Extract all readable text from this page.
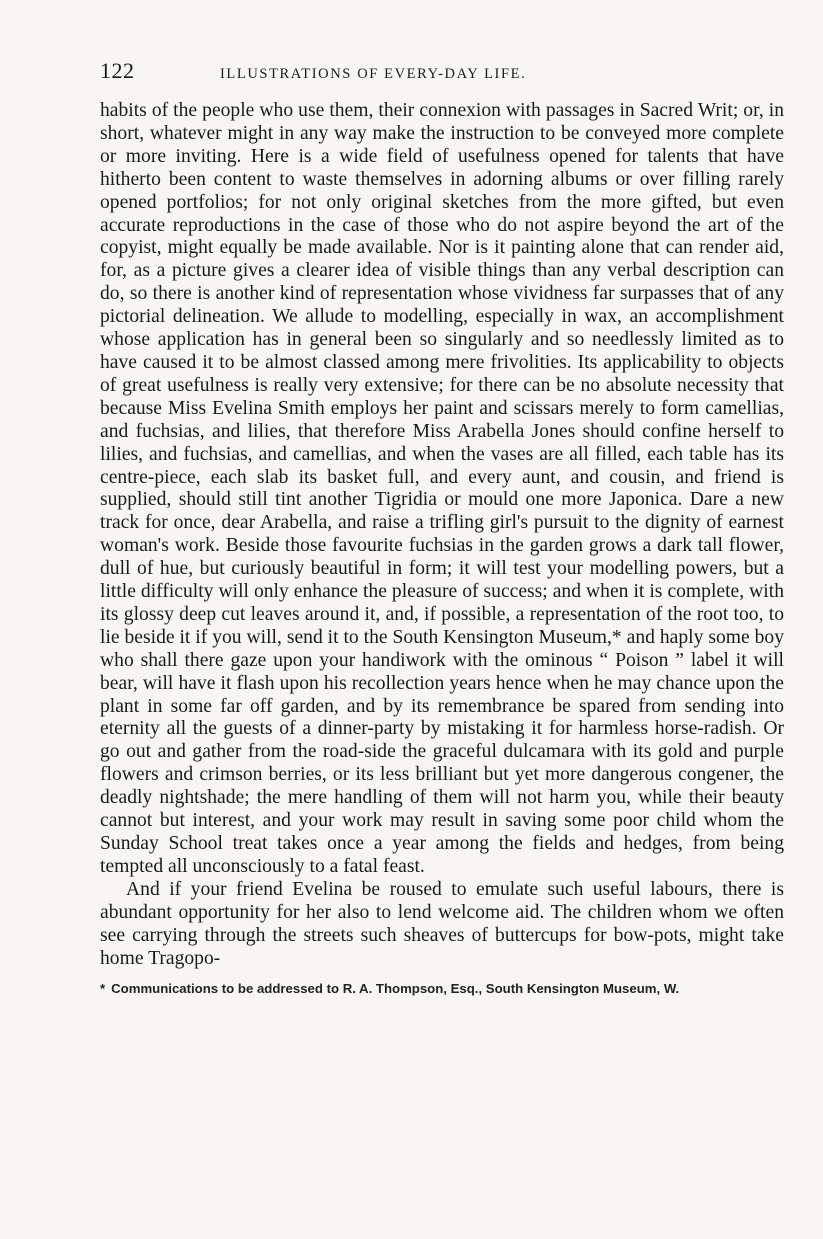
122	ILLUSTRATIONS OF EVERY-DAY LIFE.

habits of the people who use them, their connexion with passages in Sacred Writ; or, in short, whatever might in any way make the instruction to be conveyed more complete or more inviting. Here is a wide field of usefulness opened for talents that have hitherto been content to waste themselves in adorning albums or over filling rarely opened portfolios; for not only original sketches from the more gifted, but even accurate reproductions in the case of those who do not aspire beyond the art of the copyist, might equally be made available. Nor is it painting alone that can render aid, for, as a picture gives a clearer idea of visible things than any verbal description can do, so there is another kind of representation whose vividness far surpasses that of any pictorial delineation. We allude to modelling, especially in wax, an accomplishment whose application has in general been so singularly and so needlessly limited as to have caused it to be almost classed among mere frivolities. Its applicability to objects of great usefulness is really very extensive; for there can be no absolute necessity that because Miss Evelina Smith employs her paint and scissars merely to form camellias, and fuchsias, and lilies, that therefore Miss Arabella Jones should confine herself to lilies, and fuchsias, and camellias, and when the vases are all filled, each table has its centre-piece, each slab its basket full, and every aunt, and cousin, and friend is supplied, should still tint another Tigridia or mould one more Japonica. Dare a new track for once, dear Arabella, and raise a trifling girl's pursuit to the dignity of earnest woman's work. Beside those favourite fuchsias in the garden grows a dark tall flower, dull of hue, but curiously beautiful in form; it will test your modelling powers, but a little difficulty will only enhance the pleasure of success; and when it is complete, with its glossy deep cut leaves around it, and, if possible, a representation of the root too, to lie beside it if you will, send it to the South Kensington Museum,* and haply some boy who shall there gaze upon your handiwork with the ominous “ Poison ” label it will bear, will have it flash upon his recollection years hence when he may chance upon the plant in some far off garden, and by its remembrance be spared from sending into eternity all the guests of a dinner-party by mistaking it for harmless horse-radish. Or go out and gather from the road-side the graceful dulcamara with its gold and purple flowers and crimson berries, or its less brilliant but yet more dangerous congener, the deadly nightshade; the mere handling of them will not harm you, while their beauty cannot but interest, and your work may result in saving some poor child whom the Sunday School treat takes once a year among the fields and hedges, from being tempted all unconsciously to a fatal feast.

And if your friend Evelina be roused to emulate such useful labours, there is abundant opportunity for her also to lend welcome aid. The children whom we often see carrying through the streets such sheaves of buttercups for bow-pots, might take home Tragopo-

* Communications to be addressed to R. A. Thompson, Esq., South Kensington Museum, W.
